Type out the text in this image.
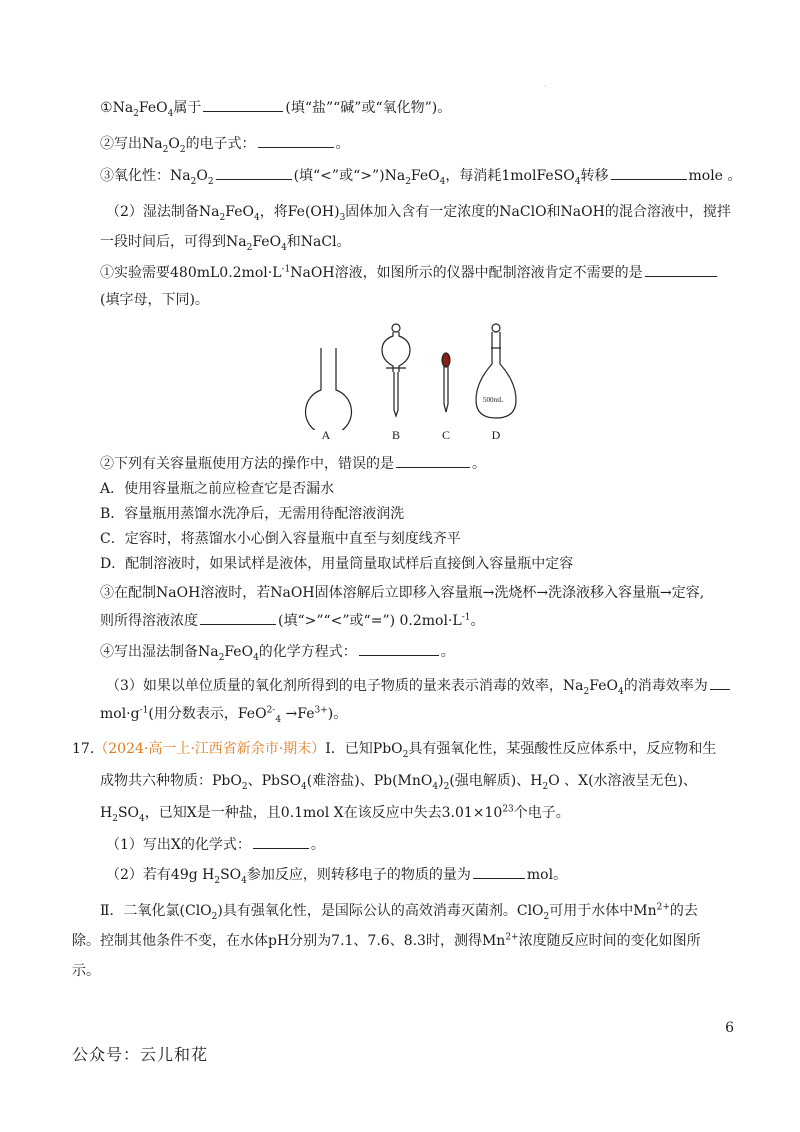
·
$①Na_2FeO_4$属于	(填“盐”“碱”或“氧化物”)。
②写出$Na_2O_2$的电子式：	。
③氧化性：$Na_2O_2$	(填“<”或“$>”)Na_2FeO_4$，每消耗1molFeSO$_4$转移	mole 。
（2）湿法制备$Na_2FeO_4$，将$Fe(OH)_3$固体加入含有一定浓度的NaClO和NaOH的混合溶液中，搅拌
一段时间后，可得到$Na_2FeO_4$和NaCl。
①实验需要$480mL0.2mol\cdot L^{-1}NaOH$溶液，如图所示的仪器中配制溶液肯定不需要的是
(填字母，下同)。
500mL
A	B	C	D
②下列有关容量瓶使用方法的操作中，错误的是	。
A．使用容量瓶之前应检查它是否漏水
B．容量瓶用蒸馏水洗净后，无需用待配溶液润洗
C．定容时，将蒸馏水小心倒入容量瓶中直至与刻度线齐平
D．配制溶液时，如果试样是液体，用量筒量取试样后直接倒入容量瓶中定容
③在配制NaOH溶液时，若NaOH固体溶解后立即移入容量瓶→洗烧杯→洗涤液移入容量瓶→定容,
则所得溶液浓度	(填“>”“<”或“=”) $0.2mol\cdot L^{-1}$。
④写出湿法制备$Na_2FeO_4$的化学方程式：	。
（3）如果以单位质量的氧化剂所得到的电子物质的量来表示消毒的效率，$Na_2FeO_4$的消毒效率为
$mol\cdot g^{-1}$(用分数表示，$FeO^{2-}_4 \to Fe^{3+}$)。
17.（2024·高一上·江西省新余市·期末）Ⅰ．已知PbO$_2$具有强氧化性，某强酸性反应体系中，反应物和生
成物共六种物质：PbO$_2$、PbSO$_4$(难溶盐)、$Pb(MnO_4)_2$(强电解质)、$H_2O$ 、X(水溶液呈无色)、
$H_2SO_4$，已知X是一种盐，且0.1mol X在该反应中失去$3.01\times 10^{23}$个电子。
（1）写出X的化学式：	。
（2）若有49g $H_2SO_4$参加反应，则转移电子的物质的量为	mol。
Ⅱ．二氧化氯(ClO$_2$)具有强氧化性，是国际公认的高效消毒灭菌剂。ClO$_2$可用于水体中$Mn^{2+}$的去
除。控制其他条件不变，在水体pH分别为7.1、7.6、8.3时，测得$Mn^{2+}$浓度随反应时间的变化如图所
示。
6
公众号：云儿和花
